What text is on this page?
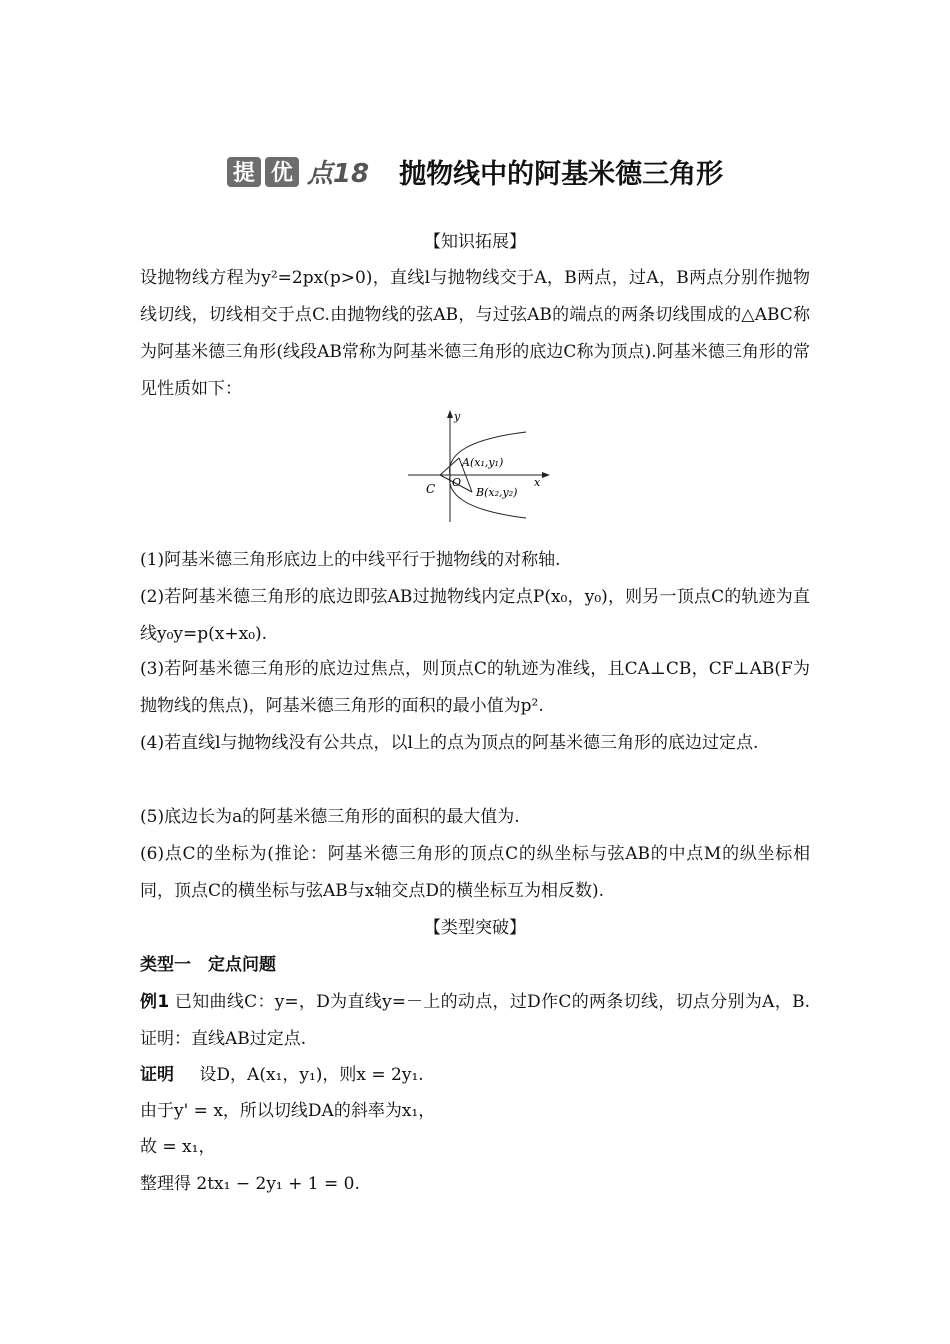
提 优 点18 抛物线中的阿基米德三角形
【知识拓展】
设抛物线方程为y²=2px(p>0)，直线l与抛物线交于A，B两点，过A，B两点分别作抛物线切线，切线相交于点C.由抛物线的弦AB，与过弦AB的端点的两条切线围成的△ABC称为阿基米德三角形(线段AB常称为阿基米德三角形的底边C称为顶点).阿基米德三角形的常见性质如下：
y
x
O
C
A(x₁,y₁)
B(x₂,y₂)
(1)阿基米德三角形底边上的中线平行于抛物线的对称轴.
(2)若阿基米德三角形的底边即弦AB过抛物线内定点P(x₀，y₀)，则另一顶点C的轨迹为直线y₀y=p(x+x₀).
(3)若阿基米德三角形的底边过焦点，则顶点C的轨迹为准线，且CA⊥CB，CF⊥AB(F为抛物线的焦点)，阿基米德三角形的面积的最小值为p².
(4)若直线l与抛物线没有公共点，以l上的点为顶点的阿基米德三角形的底边过定点.
(5)底边长为a的阿基米德三角形的面积的最大值为.
(6)点C的坐标为(推论：阿基米德三角形的顶点C的纵坐标与弦AB的中点M的纵坐标相同，顶点C的横坐标与弦AB与x轴交点D的横坐标互为相反数).
【类型突破】
类型一　定点问题
例1 已知曲线C：y=，D为直线y=－上的动点，过D作C的两条切线，切点分别为A，B.证明：直线AB过定点.
证明 设D，A(x₁，y₁)，则x = 2y₁.
由于y' = x，所以切线DA的斜率为x₁，
故 = x₁，
整理得 2tx₁ − 2y₁ + 1 = 0.
